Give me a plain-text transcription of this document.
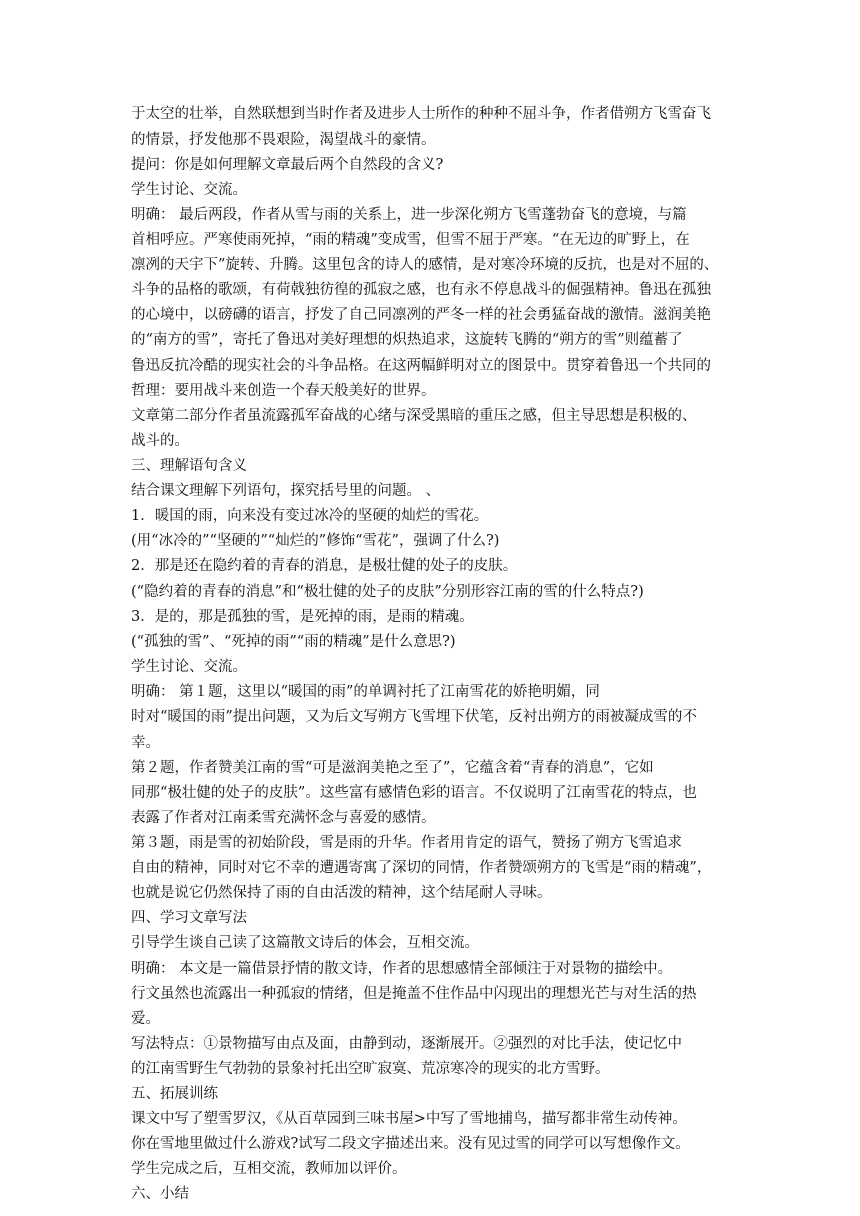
于太空的壮举，自然联想到当时作者及进步人士所作的种种不屈斗争，作者借朔方飞雪奋飞
的情景，抒发他那不畏艰险，渴望战斗的豪情。
提问：你是如何理解文章最后两个自然段的含义?
学生讨论、交流。
明确： 最后两段，作者从雪与雨的关系上，进一步深化朔方飞雪蓬勃奋飞的意境，与篇
首相呼应。严寒使雨死掉，“雨的精魂”变成雪，但雪不屈于严寒。“在无边的旷野上，在
凛冽的天宇下”旋转、升腾。这里包含的诗人的感情，是对寒冷环境的反抗，也是对不屈的、
斗争的品格的歌颂，有荷戟独彷徨的孤寂之感，也有永不停息战斗的倔强精神。鲁迅在孤独
的心境中，以磅礴的语言，抒发了自己同凛冽的严冬一样的社会勇猛奋战的激情。滋润美艳
的“南方的雪”，寄托了鲁迅对美好理想的炽热追求，这旋转飞腾的“朔方的雪”则蕴蓄了
鲁迅反抗冷酷的现实社会的斗争品格。在这两幅鲜明对立的图景中。贯穿着鲁迅一个共同的
哲理：要用战斗来创造一个春天般美好的世界。
文章第二部分作者虽流露孤军奋战的心绪与深受黑暗的重压之感，但主导思想是积极的、
战斗的。
三、理解语句含义
结合课文理解下列语句，探究括号里的问题。 、
1．暖国的雨，向来没有变过冰冷的坚硬的灿烂的雪花。
(用“冰冷的”“坚硬的”“灿烂的”修饰“雪花”，强调了什么?)
2．那是还在隐约着的青春的消息，是极壮健的处子的皮肤。
(“隐约着的青春的消息”和“极壮健的处子的皮肤”分别形容江南的雪的什么特点?)
3．是的，那是孤独的雪，是死掉的雨，是雨的精魂。
(“孤独的雪”、“死掉的雨”“雨的精魂”是什么意思?)
学生讨论、交流。
明确： 第１题，这里以“暖国的雨”的单调衬托了江南雪花的娇艳明媚，同
时对“暖国的雨”提出问题，又为后文写朔方飞雪埋下伏笔，反衬出朔方的雨被凝成雪的不
幸。
第２题，作者赞美江南的雪“可是滋润美艳之至了”，它蕴含着“青春的消息”，它如
同那“极壮健的处子的皮肤”。这些富有感情色彩的语言。不仅说明了江南雪花的特点，也
表露了作者对江南柔雪充满怀念与喜爱的感情。
第３题，雨是雪的初始阶段，雪是雨的升华。作者用肯定的语气，赞扬了朔方飞雪追求
自由的精神，同时对它不幸的遭遇寄寓了深切的同情，作者赞颂朔方的飞雪是“雨的精魂”，
也就是说它仍然保持了雨的自由活泼的精神，这个结尾耐人寻味。
四、学习文章写法
引导学生谈自己读了这篇散文诗后的体会，互相交流。
明确： 本文是一篇借景抒情的散文诗，作者的思想感情全部倾注于对景物的描绘中。
行文虽然也流露出一种孤寂的情绪，但是掩盖不住作品中闪现出的理想光芒与对生活的热
爱。
写法特点：①景物描写由点及面，由静到动，逐渐展开。②强烈的对比手法，使记忆中
的江南雪野生气勃勃的景象衬托出空旷寂寞、荒凉寒冷的现实的北方雪野。
五、拓展训练
课文中写了塑雪罗汉，《从百草园到三味书屋>中写了雪地捕鸟，描写都非常生动传神。
你在雪地里做过什么游戏?试写二段文字描述出来。没有见过雪的同学可以写想像作文。
学生完成之后，互相交流，教师加以评价。
六、小结
